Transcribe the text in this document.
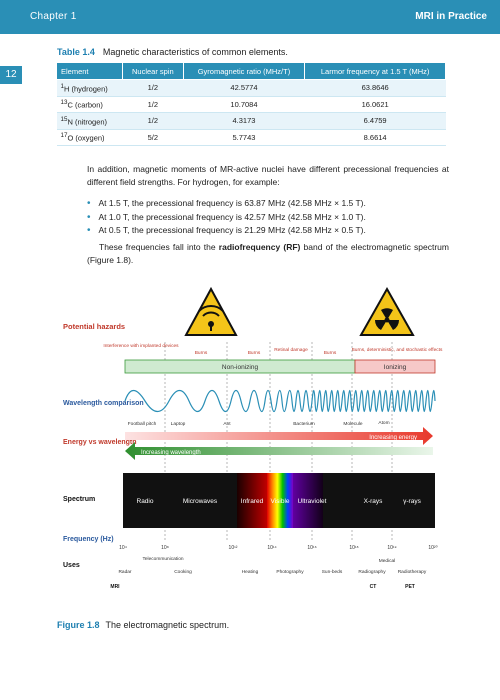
Chapter 1	MRI in Practice
12
Table 1.4 Magnetic characteristics of common elements.
Element	Nuclear spin	Gyromagnetic ratio (MHz/T)	Larmor frequency at 1.5 T (MHz)
$^1$H (hydrogen)	1/2	42.5774	63.8646
$^{13}$C (carbon)	1/2	10.7084	16.0621
$^{15}$N (nitrogen)	1/2	4.3173	6.4759
$^{17}$O (oxygen)	5/2	5.7743	8.6614

In addition, magnetic moments of MR-active nuclei have different precessional frequencies at different field strengths. For hydrogen, for example:

• At 1.5 T, the precessional frequency is 63.87 MHz (42.58 MHz × 1.5 T).
• At 1.0 T, the precessional frequency is 42.57 MHz (42.58 MHz × 1.0 T).
• At 0.5 T, the precessional frequency is 21.29 MHz (42.58 MHz × 0.5 T).

These frequencies fall into the radiofrequency (RF) band of the electromagnetic spectrum (Figure 1.8).

Potential hazards
Interference with implanted devices
Burns	Burns
Retinal damage
Burns
Burns, deterministic, and stochastic effects
Non-ionizing	Ionizing
Wavelength comparison
Football pitch	Laptop	Ant	Bacterium	Molecule	Atom
Energy vs wavelength
Increasing energy
Increasing wavelength
Spectrum	Radio	Microwaves	Infrared Visible Ultraviolet	X-rays	γ-rays
Frequency (Hz)
10⁴	10⁸	10¹²	10¹⁴	10¹⁶	10¹⁸	10¹⁹	10²⁰
Uses
Telecommunication
Radar	Cooking	Heating	Photography	Sun-beds
Medical
Radiography	Radiotherapy
MRI	CT	PET
Figure 1.8 The electromagnetic spectrum.
